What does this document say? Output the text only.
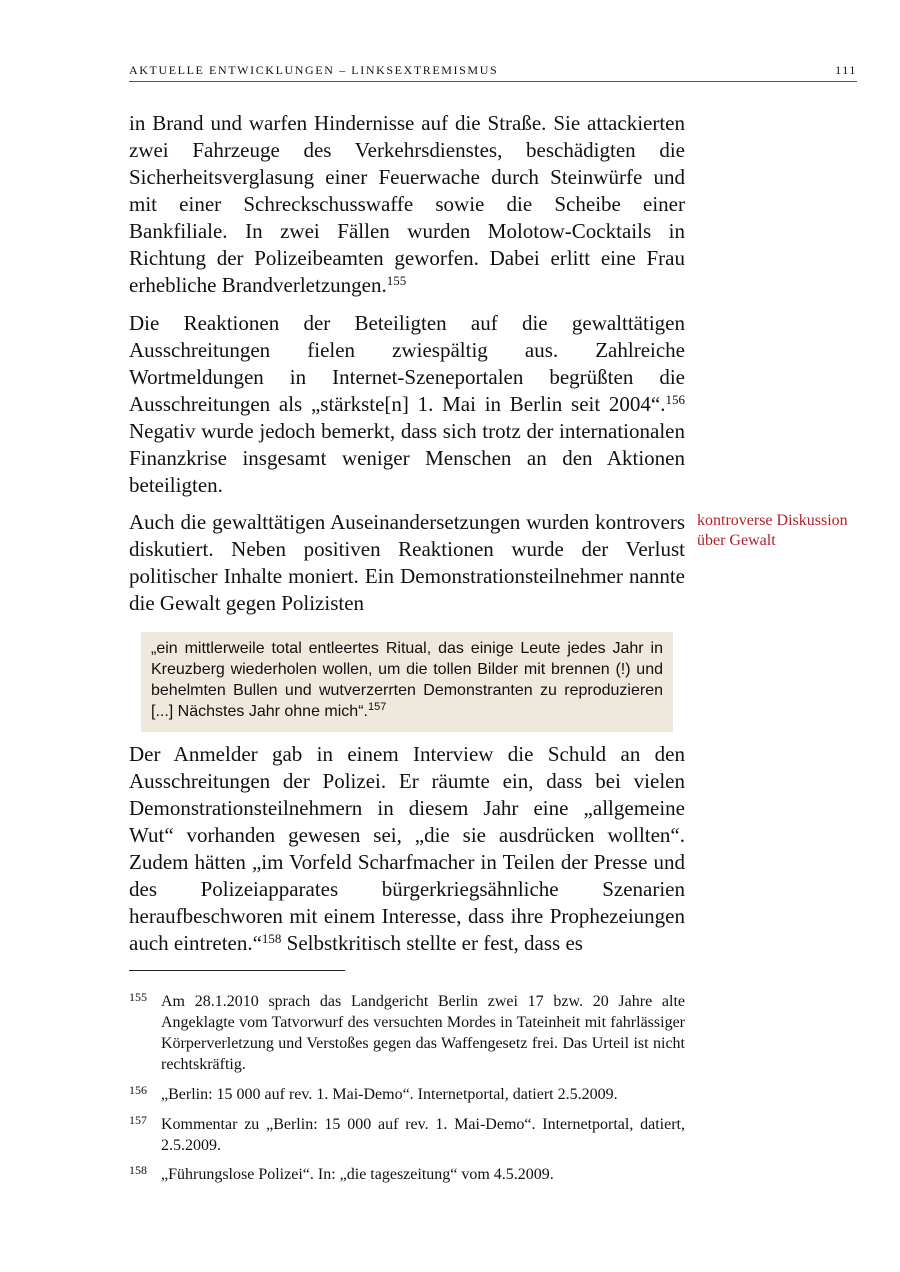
AKTUELLE ENTWICKLUNGEN – LINKSEXTREMISMUS	111

in Brand und warfen Hindernisse auf die Straße. Sie attackierten zwei Fahrzeuge des Verkehrsdienstes, beschädigten die Sicherheitsverglasung einer Feuerwache durch Steinwürfe und mit einer Schreckschusswaffe sowie die Scheibe einer Bankfiliale. In zwei Fällen wurden Molotow-Cocktails in Richtung der Polizeibeamten geworfen. Dabei erlitt eine Frau erhebliche Brandverletzungen.$^{155}$

Die Reaktionen der Beteiligten auf die gewalttätigen Ausschreitungen fielen zwiespältig aus. Zahlreiche Wortmeldungen in Internet-Szeneportalen begrüßten die Ausschreitungen als „stärkste[n] 1. Mai in Berlin seit 2004“.$^{156}$ Negativ wurde jedoch bemerkt, dass sich trotz der internationalen Finanzkrise insgesamt weniger Menschen an den Aktionen beteiligten.

Auch die gewalttätigen Auseinandersetzungen wurden kontrovers diskutiert. Neben positiven Reaktionen wurde der Verlust politischer Inhalte moniert. Ein Demonstrationsteilnehmer nannte die Gewalt gegen Polizisten

kontroverse Diskussion über Gewalt
„ein mittlerweile total entleertes Ritual, das einige Leute jedes Jahr in Kreuzberg wiederholen wollen, um die tollen Bilder mit brennen (!) und behelmten Bullen und wutverzerrten Demonstranten zu reproduzieren [...] Nächstes Jahr ohne mich“.$^{157}$

Der Anmelder gab in einem Interview die Schuld an den Ausschreitungen der Polizei. Er räumte ein, dass bei vielen Demonstrationsteilnehmern in diesem Jahr eine „allgemeine Wut“ vorhanden gewesen sei, „die sie ausdrücken wollten“. Zudem hätten „im Vorfeld Scharfmacher in Teilen der Presse und des Polizeiapparates bürgerkriegsähnliche Szenarien heraufbeschworen mit einem Interesse, dass ihre Prophezeiungen auch eintreten.“$^{158}$ Selbstkritisch stellte er fest, dass es

155 Am 28.1.2010 sprach das Landgericht Berlin zwei 17 bzw. 20 Jahre alte Angeklagte vom Tatvorwurf des versuchten Mordes in Tateinheit mit fahrlässiger Körperverletzung und Verstoßes gegen das Waffengesetz frei. Das Urteil ist nicht rechtskräftig.
156 „Berlin: 15 000 auf rev. 1. Mai-Demo“. Internetportal, datiert 2.5.2009.
157 Kommentar zu „Berlin: 15 000 auf rev. 1. Mai-Demo“. Internetportal, datiert, 2.5.2009.
158 „Führungslose Polizei“. In: „die tageszeitung“ vom 4.5.2009.
